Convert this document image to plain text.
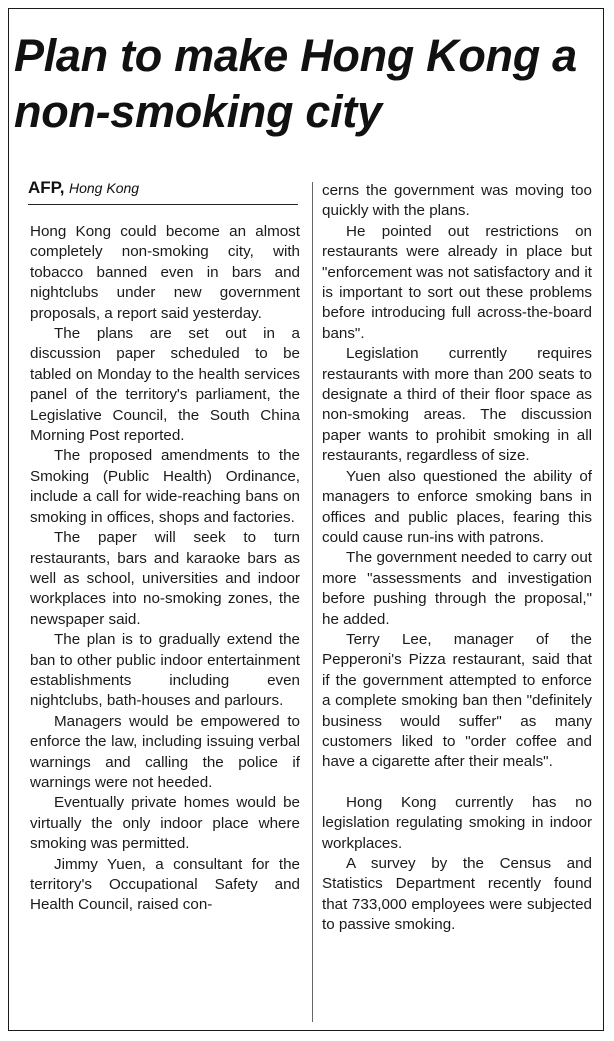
Plan to make Hong Kong a non-smoking city
AFP, Hong Kong

Hong Kong could become an almost completely non-smoking city, with tobacco banned even in bars and nightclubs under new government proposals, a report said yesterday.

The plans are set out in a discussion paper scheduled to be tabled on Monday to the health services panel of the territory's parliament, the Legislative Council, the South China Morning Post reported.

The proposed amendments to the Smoking (Public Health) Ordinance, include a call for wide-reaching bans on smoking in offices, shops and factories.

The paper will seek to turn restaurants, bars and karaoke bars as well as school, universities and indoor workplaces into no-smoking zones, the newspaper said.

The plan is to gradually extend the ban to other public indoor entertainment establishments including even nightclubs, bath-houses and parlours.

Managers would be empowered to enforce the law, including issuing verbal warnings and calling the police if warnings were not heeded.

Eventually private homes would be virtually the only indoor place where smoking was permitted.

Jimmy Yuen, a consultant for the territory's Occupational Safety and Health Council, raised con-

cerns the government was moving too quickly with the plans.

He pointed out restrictions on restaurants were already in place but "enforcement was not satisfactory and it is important to sort out these problems before introducing full across-the-board bans".

Legislation currently requires restaurants with more than 200 seats to designate a third of their floor space as non-smoking areas. The discussion paper wants to prohibit smoking in all restaurants, regardless of size.

Yuen also questioned the ability of managers to enforce smoking bans in offices and public places, fearing this could cause run-ins with patrons.

The government needed to carry out more "assessments and investigation before pushing through the proposal," he added.

Terry Lee, manager of the Pepperoni's Pizza restaurant, said that if the government attempted to enforce a complete smoking ban then "definitely business would suffer" as many customers liked to "order coffee and have a cigarette after their meals".

Hong Kong currently has no legislation regulating smoking in indoor workplaces.

A survey by the Census and Statistics Department recently found that 733,000 employees were subjected to passive smoking.
